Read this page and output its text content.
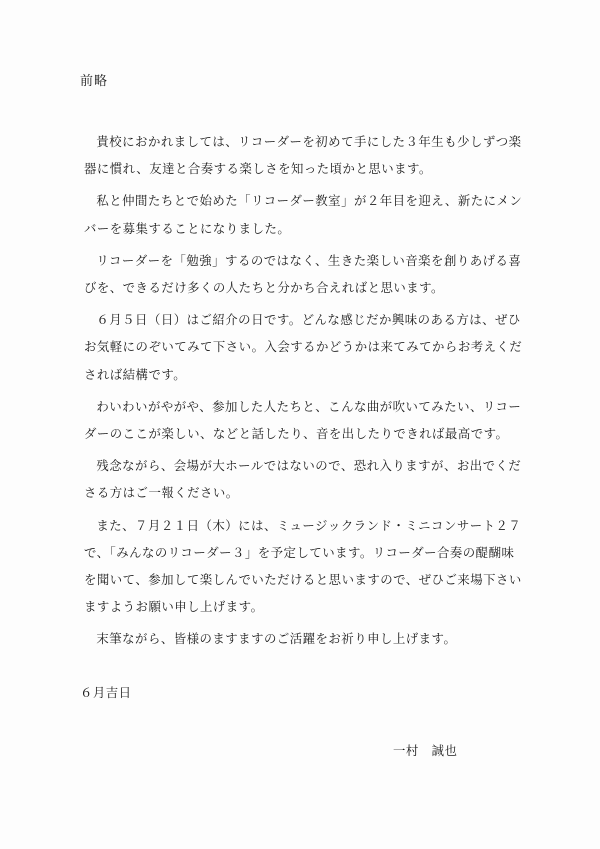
前略

貴校におかれましては、リコーダーを初めて手にした３年生も少しずつ楽
器に慣れ、友達と合奏する楽しさを知った頃かと思います。

私と仲間たちとで始めた「リコーダー教室」が２年目を迎え、新たにメン
バーを募集することになりました。

リコーダーを「勉強」するのではなく、生きた楽しい音楽を創りあげる喜
びを、できるだけ多くの人たちと分かち合えればと思います。

６月５日（日）はご紹介の日です。どんな感じだか興味のある方は、ぜひ
お気軽にのぞいてみて下さい。入会するかどうかは来てみてからお考えくだ
されば結構です。

わいわいがやがや、参加した人たちと、こんな曲が吹いてみたい、リコー
ダーのここが楽しい、などと話したり、音を出したりできれば最高です。

残念ながら、会場が大ホールではないので、恐れ入りますが、お出でくだ
さる方はご一報ください。

また、７月２１日（木）には、ミュージックランド・ミニコンサート２７
で、「みんなのリコーダー３」を予定しています。リコーダー合奏の醍醐味
を聞いて、参加して楽しんでいただけると思いますので、ぜひご来場下さい
ますようお願い申し上げます。

末筆ながら、皆様のますますのご活躍をお祈り申し上げます。

６月吉日
一村　誠也
